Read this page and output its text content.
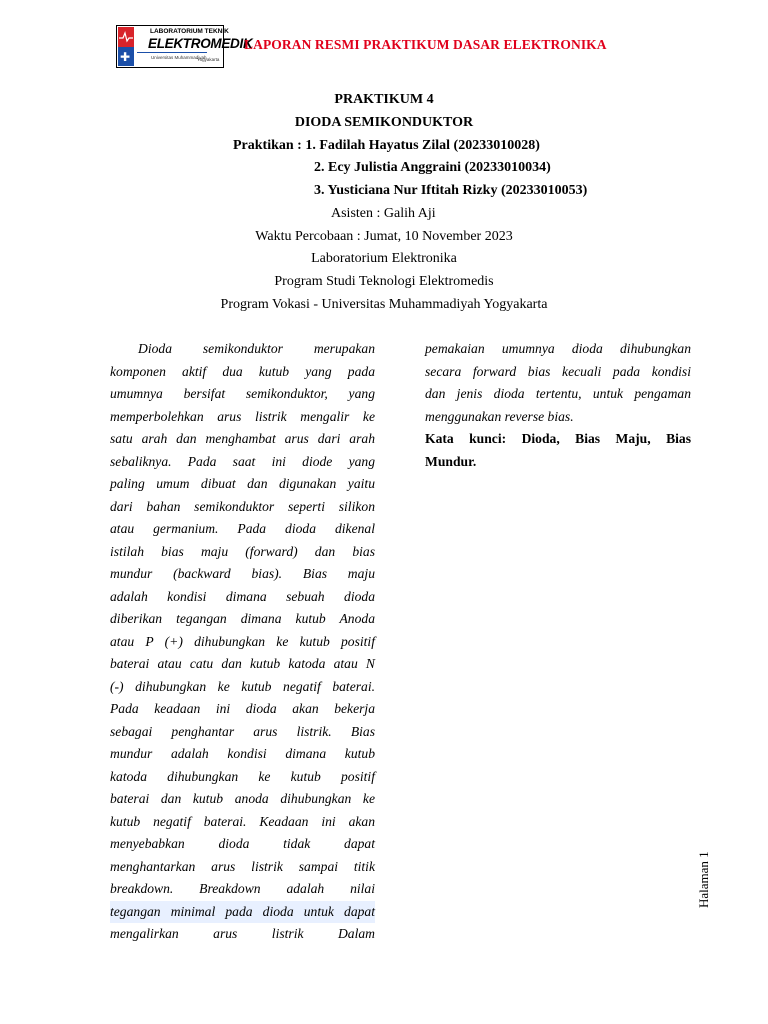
✚
LABORATORIUM TEKNIK
ELEKTROMEDIK
Universitas Muhammadiyah
Yogyakarta
LAPORAN RESMI PRAKTIKUM DASAR ELEKTRONIKA
PRAKTIKUM 4
DIODA SEMIKONDUKTOR
Praktikan : 1. Fadilah Hayatus Zilal (20233010028)
2. Ecy Julistia Anggraini (20233010034)
3. Yusticiana Nur Iftitah Rizky (20233010053)
Asisten : Galih Aji
Waktu Percobaan : Jumat, 10 November 2023
Laboratorium Elektronika
Program Studi Teknologi Elektromedis
Program Vokasi - Universitas Muhammadiyah Yogyakarta
Dioda semikonduktor merupakan
komponen aktif dua kutub yang pada
umumnya bersifat semikonduktor, yang
memperbolehkan arus listrik mengalir ke
satu arah dan menghambat arus dari arah
sebaliknya. Pada saat ini diode yang
paling umum dibuat dan digunakan yaitu
dari bahan semikonduktor seperti silikon
atau germanium. Pada dioda dikenal
istilah bias maju (forward) dan bias
mundur (backward bias). Bias maju
adalah kondisi dimana sebuah dioda
diberikan tegangan dimana kutub Anoda
atau P (+) dihubungkan ke kutub positif
baterai atau catu dan kutub katoda atau N
(-) dihubungkan ke kutub negatif baterai.
Pada keadaan ini dioda akan bekerja
sebagai penghantar arus listrik. Bias
mundur adalah kondisi dimana kutub
katoda dihubungkan ke kutub positif
baterai dan kutub anoda dihubungkan ke
kutub negatif baterai. Keadaan ini akan
menyebabkan dioda tidak dapat
menghantarkan arus listrik sampai titik
breakdown. Breakdown adalah nilai
tegangan minimal pada dioda untuk dapat
mengalirkan arus listrik Dalam
pemakaian umumnya dioda dihubungkan
secara forward bias kecuali pada kondisi
dan jenis dioda tertentu, untuk pengaman
menggunakan reverse bias.
Kata kunci: Dioda, Bias Maju, Bias
Mundur.
Halaman 1
